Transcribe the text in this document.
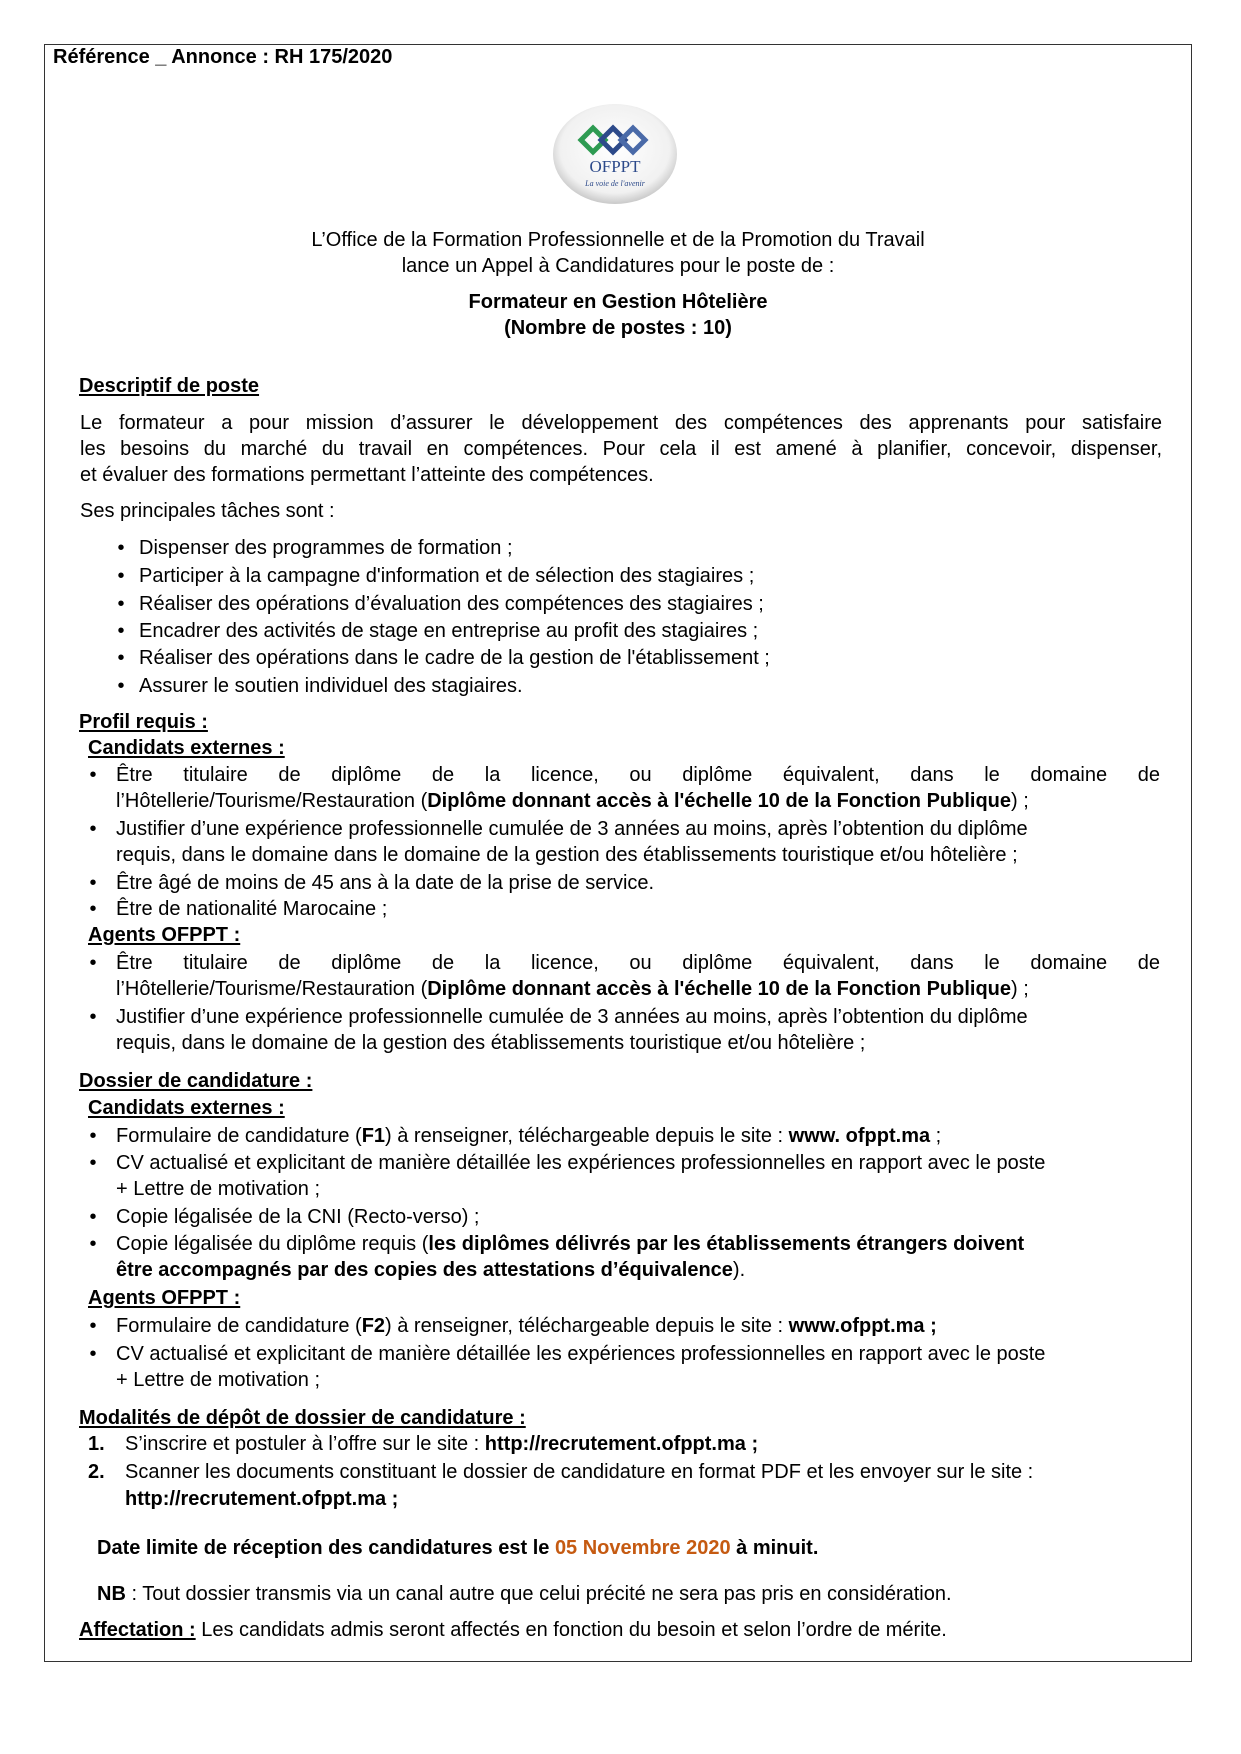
Référence _ Annonce : RH 175/2020
OFPPT
La voie de l'avenir
L’Office de la Formation Professionnelle et de la Promotion du Travail
lance un Appel à Candidatures pour le poste de :
Formateur en Gestion Hôtelière
(Nombre de postes : 10)
Descriptif de poste
Le formateur a pour mission d’assurer le développement des compétences des apprenants pour satisfaire
les besoins du marché du travail en compétences. Pour cela il est amené à planifier, concevoir, dispenser,
et évaluer des formations permettant l’atteinte des compétences.
Ses principales tâches sont :
• Dispenser des programmes de formation ;
• Participer à la campagne d'information et de sélection des stagiaires ;
• Réaliser des opérations d’évaluation des compétences des stagiaires ;
• Encadrer des activités de stage en entreprise au profit des stagiaires ;
• Réaliser des opérations dans le cadre de la gestion de l'établissement ;
• Assurer le soutien individuel des stagiaires.
Profil requis :
Candidats externes :
• Être titulaire de diplôme de la licence, ou diplôme équivalent, dans le domaine de
l’Hôtellerie/Tourisme/Restauration (Diplôme donnant accès à l'échelle 10 de la Fonction Publique) ;
• Justifier d’une expérience professionnelle cumulée de 3 années au moins, après l’obtention du diplôme
requis, dans le domaine dans le domaine de la gestion des établissements touristique et/ou hôtelière ;
• Être âgé de moins de 45 ans à la date de la prise de service.
• Être de nationalité Marocaine ;
Agents OFPPT :
• Être titulaire de diplôme de la licence, ou diplôme équivalent, dans le domaine de
l’Hôtellerie/Tourisme/Restauration (Diplôme donnant accès à l'échelle 10 de la Fonction Publique) ;
• Justifier d’une expérience professionnelle cumulée de 3 années au moins, après l’obtention du diplôme
requis, dans le domaine de la gestion des établissements touristique et/ou hôtelière ;
Dossier de candidature :
Candidats externes :
• Formulaire de candidature (F1) à renseigner, téléchargeable depuis le site : www. ofppt.ma ;
• CV actualisé et explicitant de manière détaillée les expériences professionnelles en rapport avec le poste
+ Lettre de motivation ;
• Copie légalisée de la CNI (Recto-verso) ;
• Copie légalisée du diplôme requis (les diplômes délivrés par les établissements étrangers doivent
être accompagnés par des copies des attestations d’équivalence).
Agents OFPPT :
• Formulaire de candidature (F2) à renseigner, téléchargeable depuis le site : www.ofppt.ma ;
• CV actualisé et explicitant de manière détaillée les expériences professionnelles en rapport avec le poste
+ Lettre de motivation ;
Modalités de dépôt de dossier de candidature :
1. S’inscrire et postuler à l’offre sur le site : http://recrutement.ofppt.ma ;
2. Scanner les documents constituant le dossier de candidature en format PDF et les envoyer sur le site :
http://recrutement.ofppt.ma ;
Date limite de réception des candidatures est le 05 Novembre 2020 à minuit.
NB : Tout dossier transmis via un canal autre que celui précité ne sera pas pris en considération.
Affectation : Les candidats admis seront affectés en fonction du besoin et selon l’ordre de mérite.
